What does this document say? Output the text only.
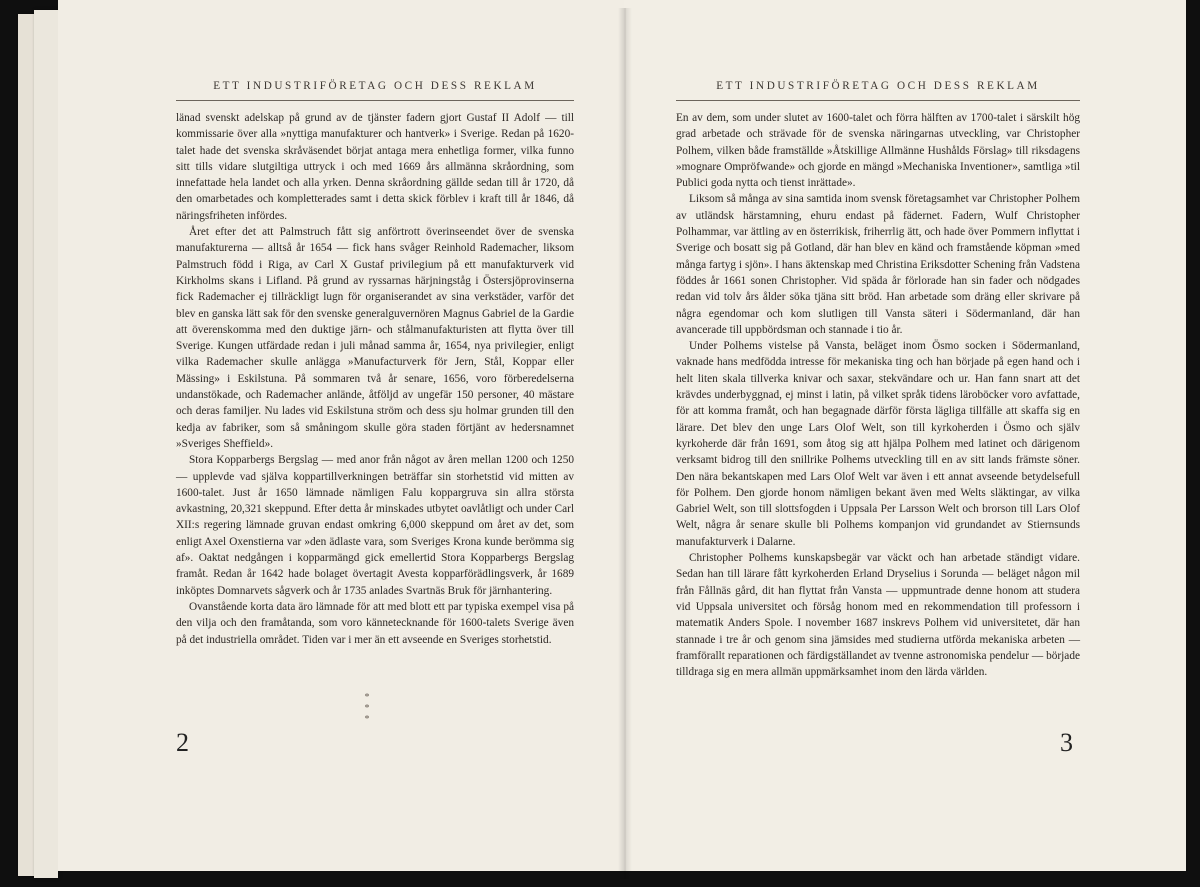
ETT INDUSTRIFÖRETAG OCH DESS REKLAM

länad svenskt adelskap på grund av de tjänster fadern gjort Gustaf II Adolf — till kommissarie över alla »nyttiga manufakturer och hantverk» i Sverige. Redan på 1620-talet hade det svenska skråväsendet börjat antaga mera enhetliga former, vilka funno sitt tills vidare slutgiltiga uttryck i och med 1669 års allmänna skråordning, som innefattade hela landet och alla yrken. Denna skråordning gällde sedan till år 1720, då den omarbetades och kompletterades samt i detta skick förblev i kraft till år 1846, då näringsfriheten infördes.

Året efter det att Palmstruch fått sig anförtrott överinseendet över de svenska manufakturerna — alltså år 1654 — fick hans svåger Reinhold Rademacher, liksom Palmstruch född i Riga, av Carl X Gustaf privilegium på ett manufakturverk vid Kirkholms skans i Lifland. På grund av ryssarnas härjningståg i Östersjöprovinserna fick Rademacher ej tillräckligt lugn för organiserandet av sina verkstäder, varför det blev en ganska lätt sak för den svenske generalguvernören Magnus Gabriel de la Gardie att överenskomma med den duktige järn- och stålmanufakturisten att flytta över till Sverige. Kungen utfärdade redan i juli månad samma år, 1654, nya privilegier, enligt vilka Rademacher skulle anlägga »Manufacturverk för Jern, Stål, Koppar eller Mässing» i Eskilstuna. På sommaren två år senare, 1656, voro förberedelserna undanstökade, och Rademacher anlände, åtföljd av ungefär 150 personer, 40 mästare och deras familjer. Nu lades vid Eskilstuna ström och dess sju holmar grunden till den kedja av fabriker, som så småningom skulle göra staden förtjänt av hedersnamnet »Sveriges Sheffield».

Stora Kopparbergs Bergslag — med anor från något av åren mellan 1200 och 1250 — upplevde vad själva koppartillverkningen beträffar sin storhetstid vid mitten av 1600-talet. Just år 1650 lämnade nämligen Falu koppargruva sin allra största avkastning, 20,321 skeppund. Efter detta år minskades utbytet oavlåtligt och under Carl XII:s regering lämnade gruvan endast omkring 6,000 skeppund om året av det, som enligt Axel Oxenstierna var »den ädlaste vara, som Sveriges Krona kunde berömma sig af». Oaktat nedgången i kopparmängd gick emellertid Stora Kopparbergs Bergslag framåt. Redan år 1642 hade bolaget övertagit Avesta kopparförädlingsverk, år 1689 inköptes Domnarvets sågverk och år 1735 anlades Svartnäs Bruk för järnhantering.

Ovanstående korta data äro lämnade för att med blott ett par typiska exempel visa på den vilja och den framåtanda, som voro kännetecknande för 1600-talets Sverige även på det industriella området. Tiden var i mer än ett avseende en Sveriges storhetstid.

* * *
2
ETT INDUSTRIFÖRETAG OCH DESS REKLAM

En av dem, som under slutet av 1600-talet och förra hälften av 1700-talet i särskilt hög grad arbetade och strävade för de svenska näringarnas utveckling, var Christopher Polhem, vilken både framställde »Åtskillige Allmänne Hushålds Förslag» till riksdagens »mognare Ompröfwande» och gjorde en mängd »Mechaniska Inventioner», samtliga »til Publici goda nytta och tienst inrättade».

Liksom så många av sina samtida inom svensk företagsamhet var Christopher Polhem av utländsk härstamning, ehuru endast på fädernet. Fadern, Wulf Christopher Polhammar, var ättling av en österrikisk, friherrlig ätt, och hade över Pommern inflyttat i Sverige och bosatt sig på Gotland, där han blev en känd och framstående köpman »med många fartyg i sjön». I hans äktenskap med Christina Eriksdotter Schening från Vadstena föddes år 1661 sonen Christopher. Vid späda år förlorade han sin fader och nödgades redan vid tolv års ålder söka tjäna sitt bröd. Han arbetade som dräng eller skrivare på några egendomar och kom slutligen till Vansta säteri i Södermanland, där han avancerade till uppbördsman och stannade i tio år.

Under Polhems vistelse på Vansta, beläget inom Ösmo socken i Södermanland, vaknade hans medfödda intresse för mekaniska ting och han började på egen hand och i helt liten skala tillverka knivar och saxar, stekvändare och ur. Han fann snart att det krävdes underbyggnad, ej minst i latin, på vilket språk tidens läroböcker voro avfattade, för att komma framåt, och han begagnade därför första lägliga tillfälle att skaffa sig en lärare. Det blev den unge Lars Olof Welt, son till kyrkoherden i Ösmo och själv kyrkoherde där från 1691, som åtog sig att hjälpa Polhem med latinet och därigenom verksamt bidrog till den snillrike Polhems utveckling till en av sitt lands främste söner. Den nära bekantskapen med Lars Olof Welt var även i ett annat avseende betydelsefull för Polhem. Den gjorde honom nämligen bekant även med Welts släktingar, av vilka Gabriel Welt, son till slottsfogden i Uppsala Per Larsson Welt och brorson till Lars Olof Welt, några år senare skulle bli Polhems kompanjon vid grundandet av Stiernsunds manufakturverk i Dalarne.

Christopher Polhems kunskapsbegär var väckt och han arbetade ständigt vidare. Sedan han till lärare fått kyrkoherden Erland Dryselius i Sorunda — beläget någon mil från Fållnäs gård, dit han flyttat från Vansta — uppmuntrade denne honom att studera vid Uppsala universitet och försåg honom med en rekommendation till professorn i matematik Anders Spole. I november 1687 inskrevs Polhem vid universitetet, där han stannade i tre år och genom sina jämsides med studierna utförda mekaniska arbeten — framförallt reparationen och färdigställandet av tvenne astronomiska pendelur — började tilldraga sig en mera allmän uppmärksamhet inom den lärda världen.

3
